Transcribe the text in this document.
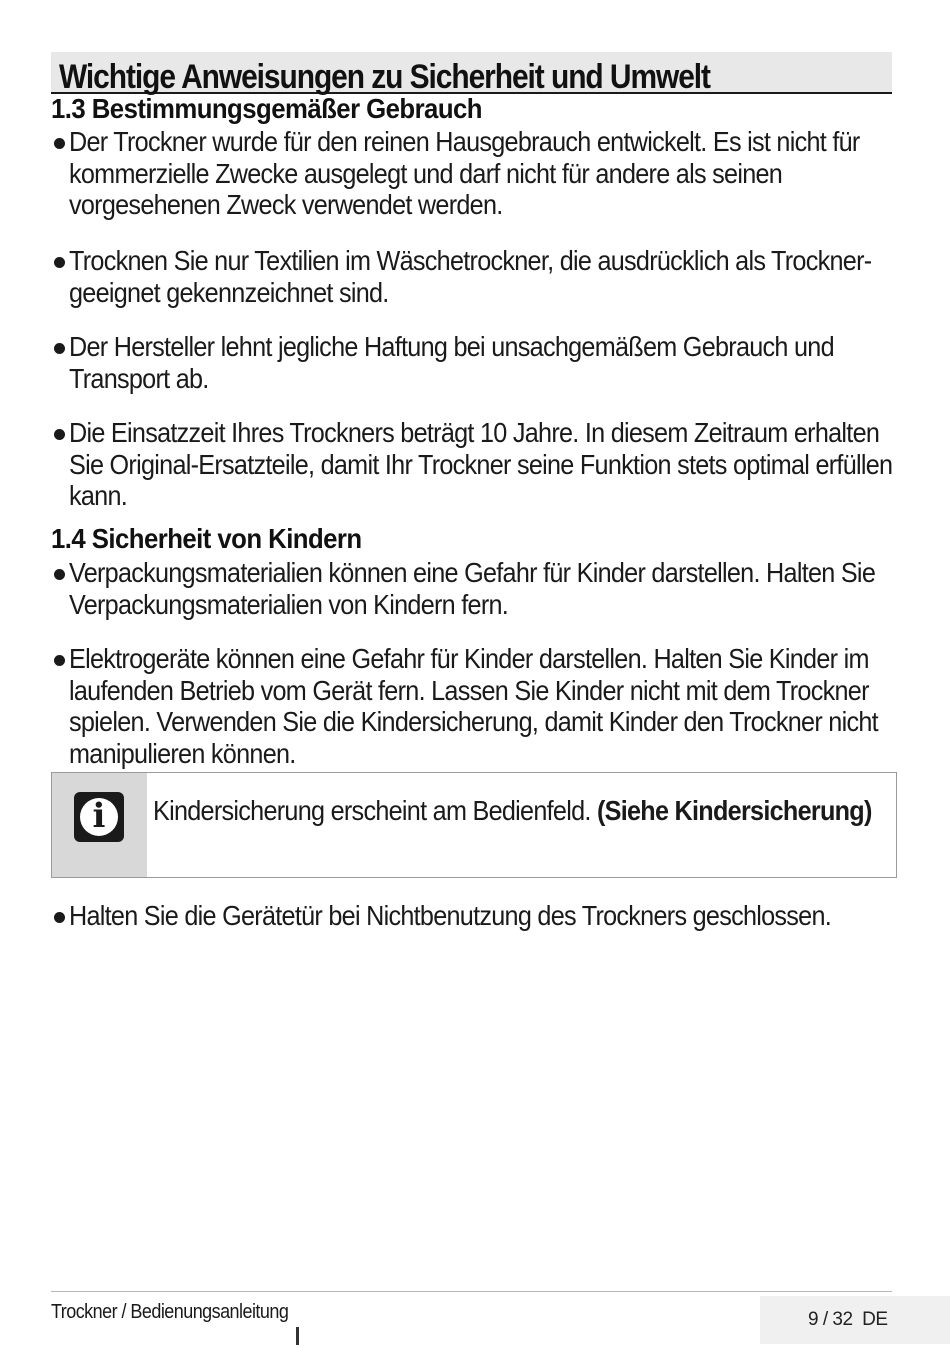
Wichtige Anweisungen zu Sicherheit und Umwelt
1.3 Bestimmungsgemäßer Gebrauch
Der Trockner wurde für den reinen Hausgebrauch entwickelt. Es ist nicht für kommerzielle Zwecke ausgelegt und darf nicht für andere als seinen vorgesehenen Zweck verwendet werden.
Trocknen Sie nur Textilien im Wäschetrockner, die ausdrücklich als Trockner-geeignet gekennzeichnet sind.
Der Hersteller lehnt jegliche Haftung bei unsachgemäßem Gebrauch und Transport ab.
Die Einsatzzeit Ihres Trockners beträgt 10 Jahre. In diesem Zeitraum erhalten Sie Original-Ersatzteile, damit Ihr Trockner seine Funktion stets optimal erfüllen kann.
1.4 Sicherheit von Kindern
Verpackungsmaterialien können eine Gefahr für Kinder darstellen. Halten Sie Verpackungsmaterialien von Kindern fern.
Elektrogeräte können eine Gefahr für Kinder darstellen. Halten Sie Kinder im laufenden Betrieb vom Gerät fern. Lassen Sie Kinder nicht mit dem Trockner spielen. Verwenden Sie die Kindersicherung, damit Kinder den Trockner nicht manipulieren können.
i	Kindersicherung erscheint am Bedienfeld. (Siehe Kindersicherung)
Halten Sie die Gerätetür bei Nichtbenutzung des Trockners geschlossen.
Trockner / Bedienungsanleitung	9 / 32 DE
